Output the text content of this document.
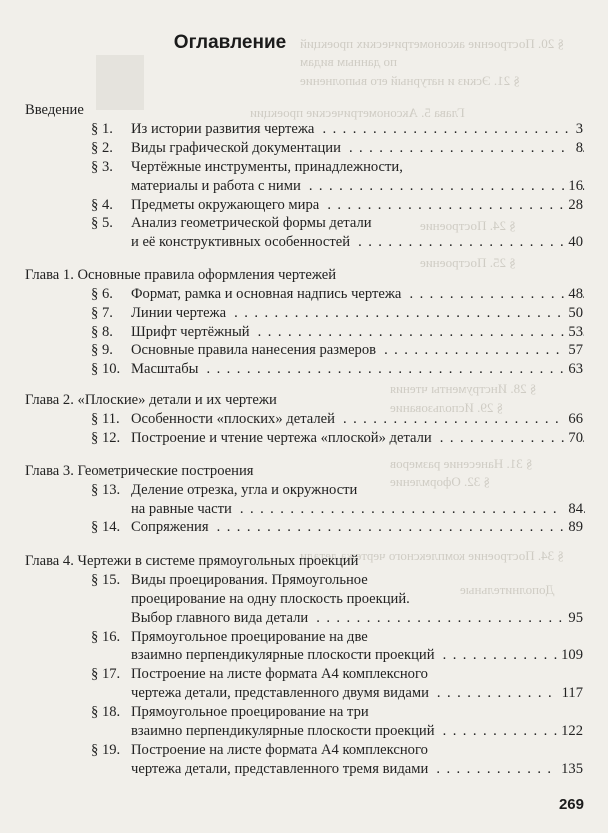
§ 20. Построение аксонометрических проекций
по данным видам
§ 21. Эскиз и натурный его выполнение
Глава 5. Аксонометрические проекции
§ 24. Построение
§ 25. Построение
§ 28. Инструменты чтения
§ 29. Использование
§ 31. Нанесение размеров
§ 32. Оформление
§ 34. Построение комплексного чертежа детали
Дополнительные
Оглавление
Введение
§ 1. Из истории развития чертежа . . .	3
§ 2. Виды графической документации . . .	8
§ 3. Чертёжные инструменты, принадлежности,
материалы и работа с ними . . .	16
§ 4. Предметы окружающего мира . . .	28
§ 5. Анализ геометрической формы детали
и её конструктивных особенностей . . .	40
Глава 1. Основные правила оформления чертежей
§ 6. Формат, рамка и основная надпись чертежа . . .	48
§ 7. Линии чертежа . . .	50
§ 8. Шрифт чертёжный . . .	53
§ 9. Основные правила нанесения размеров . . .	57
§ 10. Масштабы . . .	63
Глава 2. «Плоские» детали и их чертежи
§ 11. Особенности «плоских» деталей . . .	66
§ 12. Построение и чтение чертежа «плоской» детали . . .	70
Глава 3. Геометрические построения
§ 13. Деление отрезка, угла и окружности
на равные части . . .	84
§ 14. Сопряжения . . .	89
Глава 4. Чертежи в системе прямоугольных проекций
§ 15. Виды проецирования. Прямоугольное
проецирование на одну плоскость проекций.
Выбор главного вида детали . . .	95
§ 16. Прямоугольное проецирование на две
взаимно перпендикулярные плоскости проекций . . .	109
§ 17. Построение на листе формата А4 комплексного
чертежа детали, представленного двумя видами . . .	117
§ 18. Прямоугольное проецирование на три
взаимно перпендикулярные плоскости проекций . . .	122
§ 19. Построение на листе формата А4 комплексного
чертежа детали, представленного тремя видами . . .	135
269
